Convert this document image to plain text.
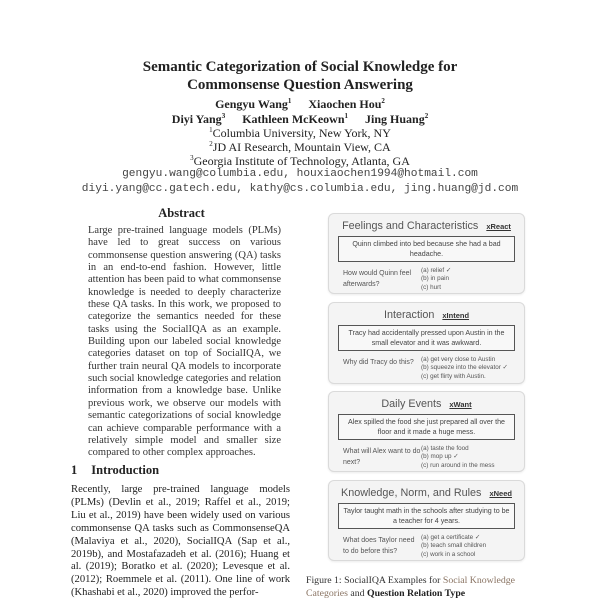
Semantic Categorization of Social Knowledge for
Commonsense Question Answering
Gengyu Wang$^1$ Xiaochen Hou$^2$
Diyi Yang$^3$ Kathleen McKeown$^1$ Jing Huang$^2$
$^1$Columbia University, New York, NY
$^2$JD AI Research, Mountain View, CA
$^3$Georgia Institute of Technology, Atlanta, GA
gengyu.wang@columbia.edu, houxiaochen1994@hotmail.com
diyi.yang@cc.gatech.edu, kathy@cs.columbia.edu, jing.huang@jd.com
Abstract
Large pre-trained language models (PLMs) have led to great success on various commonsense question answering (QA) tasks in an end-to-end fashion. However, little attention has been paid to what commonsense knowledge is needed to deeply characterize these QA tasks. In this work, we proposed to categorize the semantics needed for these tasks using the SocialIQA as an example. Building upon our labeled social knowledge categories dataset on top of SocialIQA, we further train neural QA models to incorporate such social knowledge categories and relation information from a knowledge base. Unlike previous work, we observe our models with semantic categorizations of social knowledge can achieve comparable performance with a relatively simple model and smaller size compared to other complex approaches.
1 Introduction
Recently, large pre-trained language models (PLMs) (Devlin et al., 2019; Raffel et al., 2019; Liu et al., 2019) have been widely used on various commonsense QA tasks such as CommonsenseQA (Malaviya et al., 2020), SocialIQA (Sap et al., 2019b), and Mostafazadeh et al. (2016); Huang et al. (2019); Boratko et al. (2020); Levesque et al. (2012); Roemmele et al. (2011). One line of work (Khashabi et al., 2020) improved the perfor-
Feelings and Characteristics xReact
Quinn climbed into bed because she had a bad headache.
How would Quinn feel afterwards?
(a) relief ✓
(b) in pain
(c) hurt
Interaction xIntend
Tracy had accidentally pressed upon Austin in the small elevator and it was awkward.
Why did Tracy do this?	(a) get very close to Austin
(b) squeeze into the elevator ✓
(c) get flirty with Austin.
Daily Events xWant
Alex spilled the food she just prepared all over the floor and it made a huge mess.
What will Alex want to do next?
(a) taste the food
(b) mop up ✓
(c) run around in the mess
Knowledge, Norm, and Rules xNeed
Taylor taught math in the schools after studying to be a teacher for 4 years.
What does Taylor need to do before this?
(a) get a certificate ✓
(b) teach small children
(c) work in a school
Figure 1: SocialIQA Examples for Social Knowledge Categories and Question Relation Type
